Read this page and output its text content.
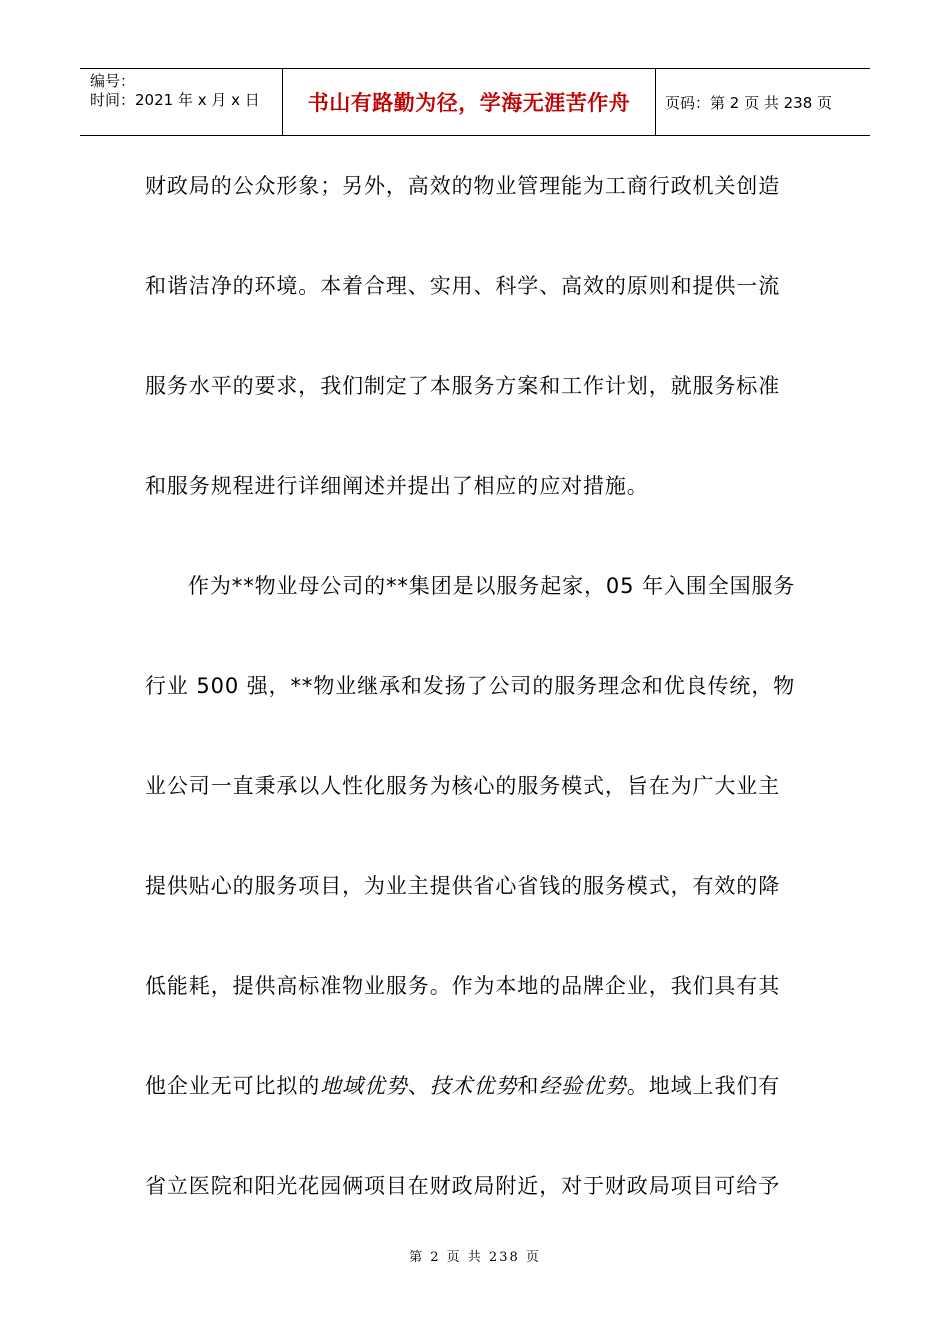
编号：
时间：2021 年 x 月 x 日	书山有路勤为径，学海无涯苦作舟	页码：第 2 页 共 238 页
财政局的公众形象；另外，高效的物业管理能为工商行政机关创造
和谐洁净的环境。本着合理、实用、科学、高效的原则和提供一流
服务水平的要求，我们制定了本服务方案和工作计划，就服务标准
和服务规程进行详细阐述并提出了相应的应对措施。
作为**物业母公司的**集团是以服务起家，05 年入围全国服务
行业 500 强，**物业继承和发扬了公司的服务理念和优良传统，物
业公司一直秉承以人性化服务为核心的服务模式，旨在为广大业主
提供贴心的服务项目，为业主提供省心省钱的服务模式，有效的降
低能耗，提供高标准物业服务。作为本地的品牌企业，我们具有其
他企业无可比拟的地域优势、技术优势和经验优势。地域上我们有
省立医院和阳光花园俩项目在财政局附近，对于财政局项目可给予
第 2 页 共 238 页
